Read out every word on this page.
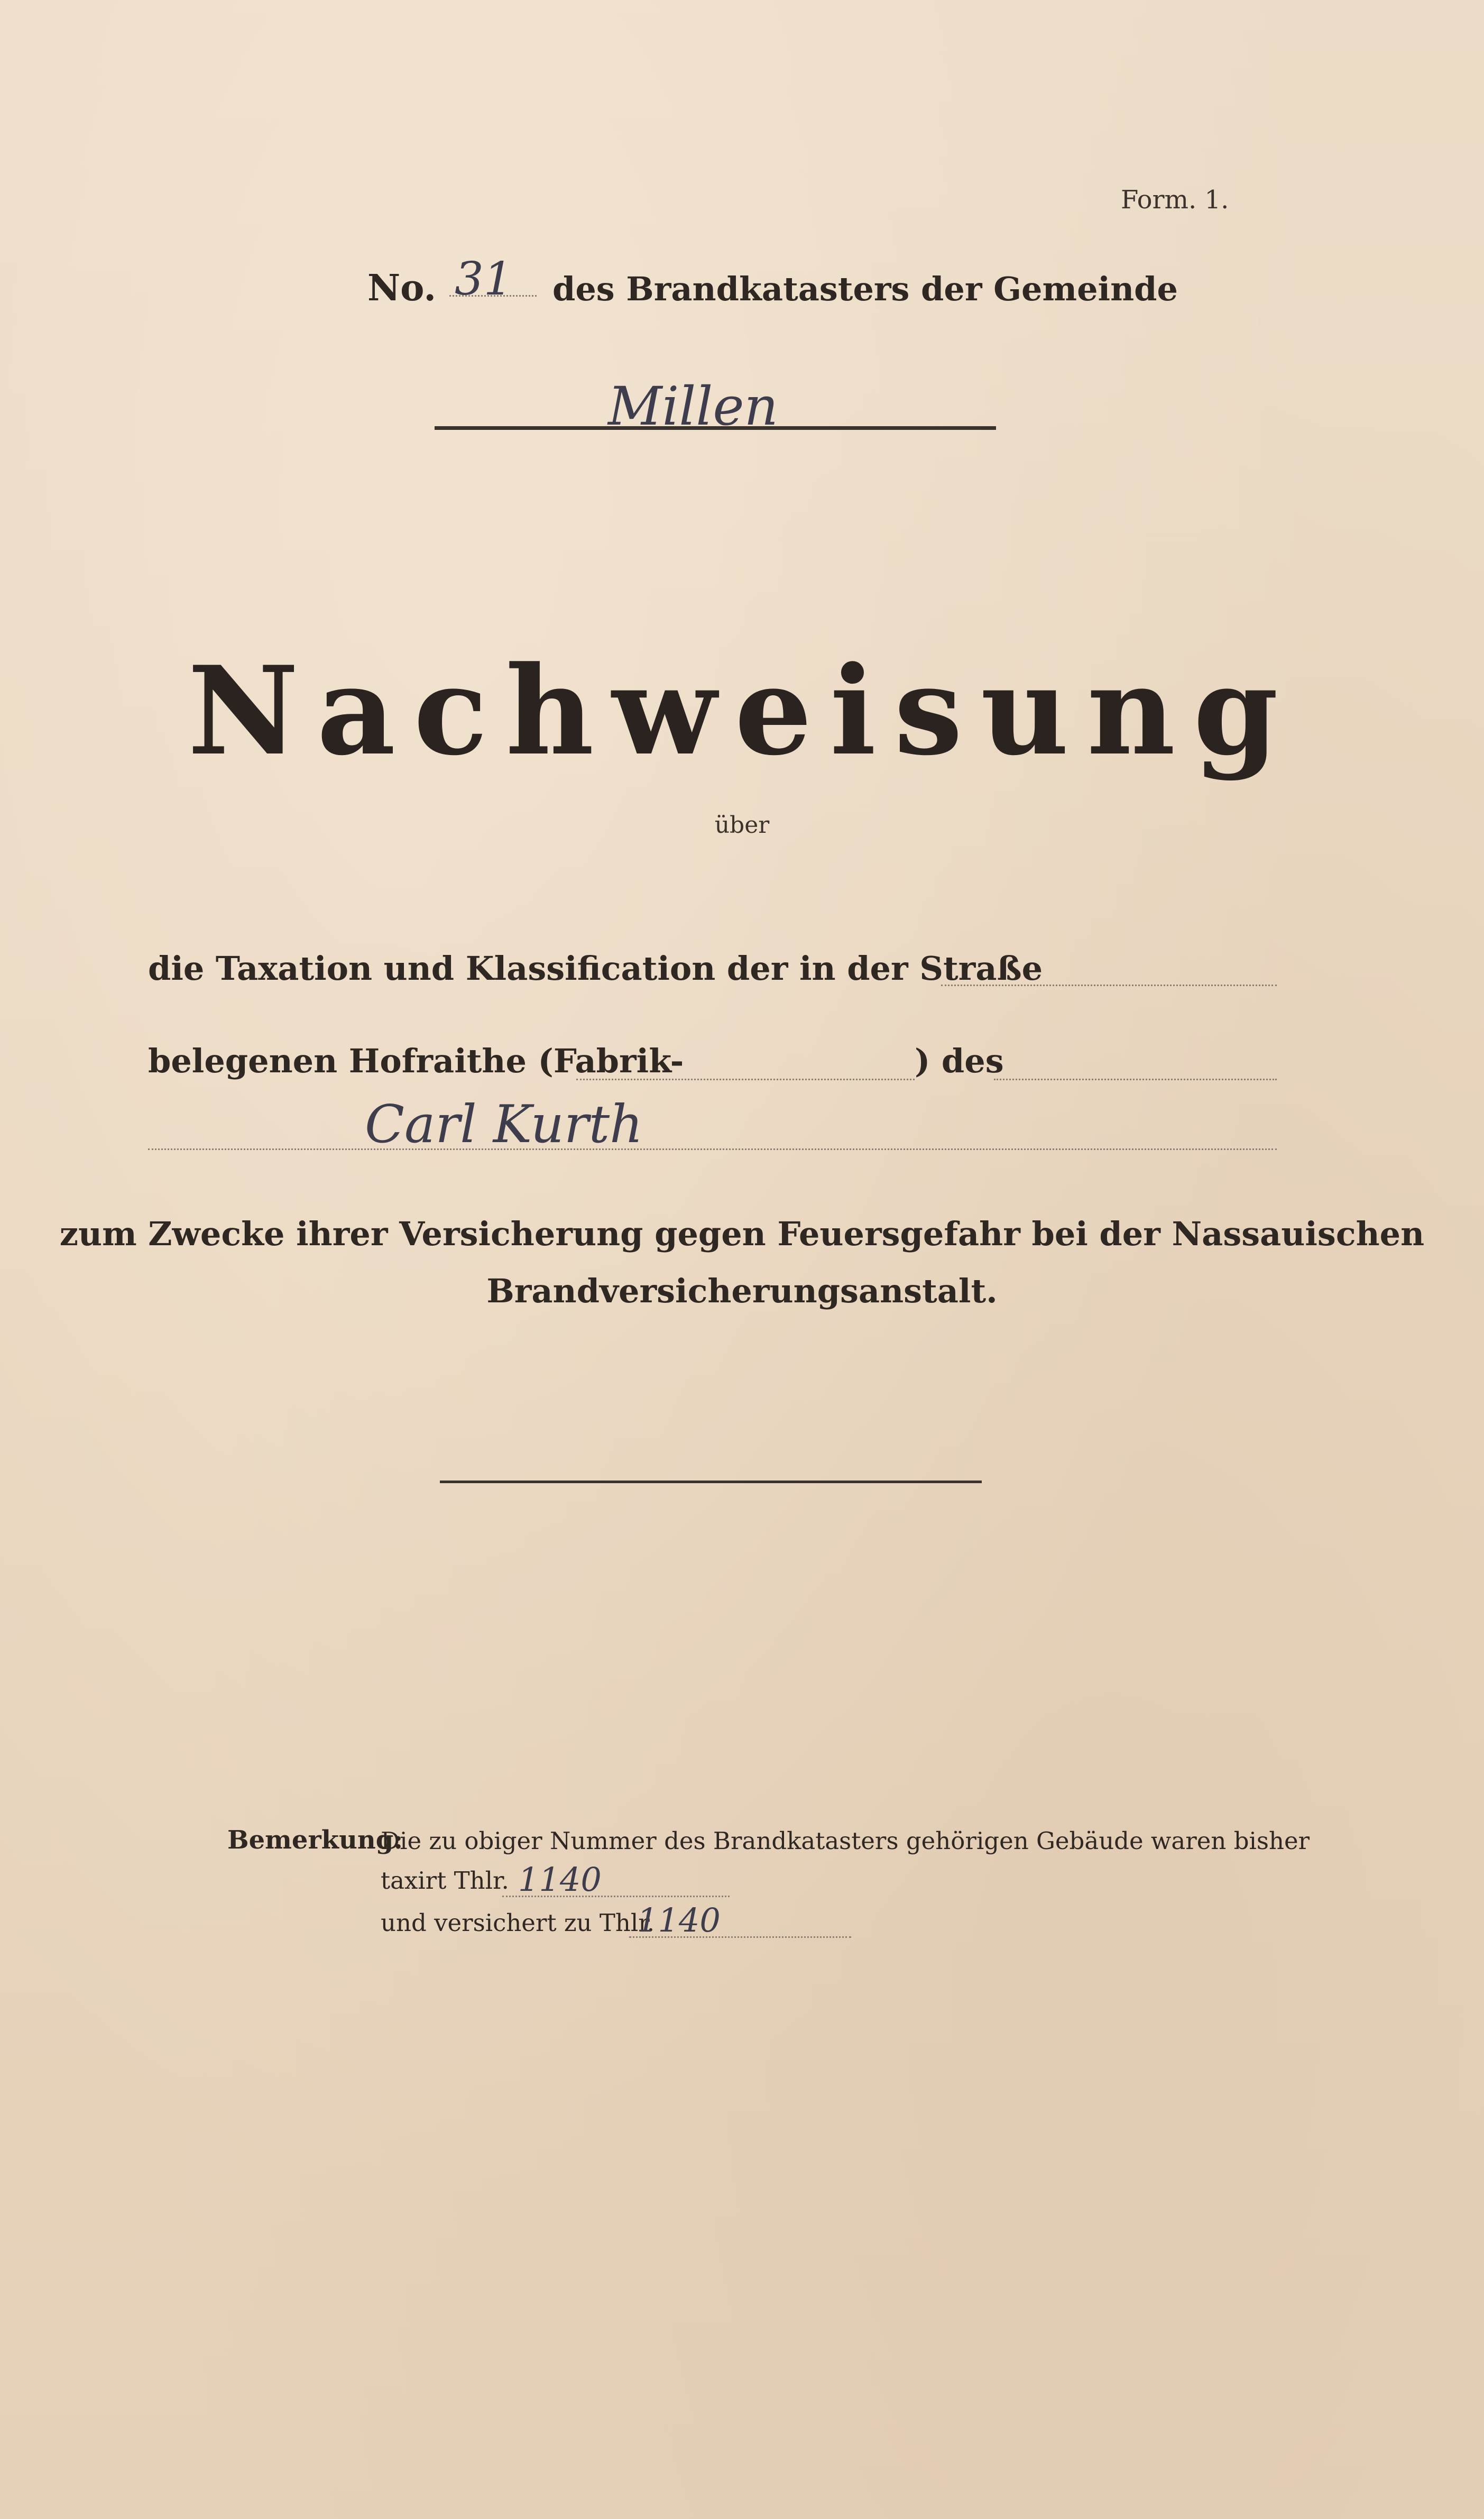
Form. 1.
No. 31 des Brandkatasters der Gemeinde
Millen
Nachweisung
über
die Taxation und Klassification der in der Straße
belegenen Hofraithe (Fabrik-	) des
Carl Kurth
zum Zwecke ihrer Versicherung gegen Feuersgefahr bei der Nassauischen
Brandversicherungsanstalt.
Bemerkung:
Die zu obiger Nummer des Brandkatasters gehörigen Gebäude waren bisher
taxirt Thlr. 1140
und versichert zu Thlr.
1140
